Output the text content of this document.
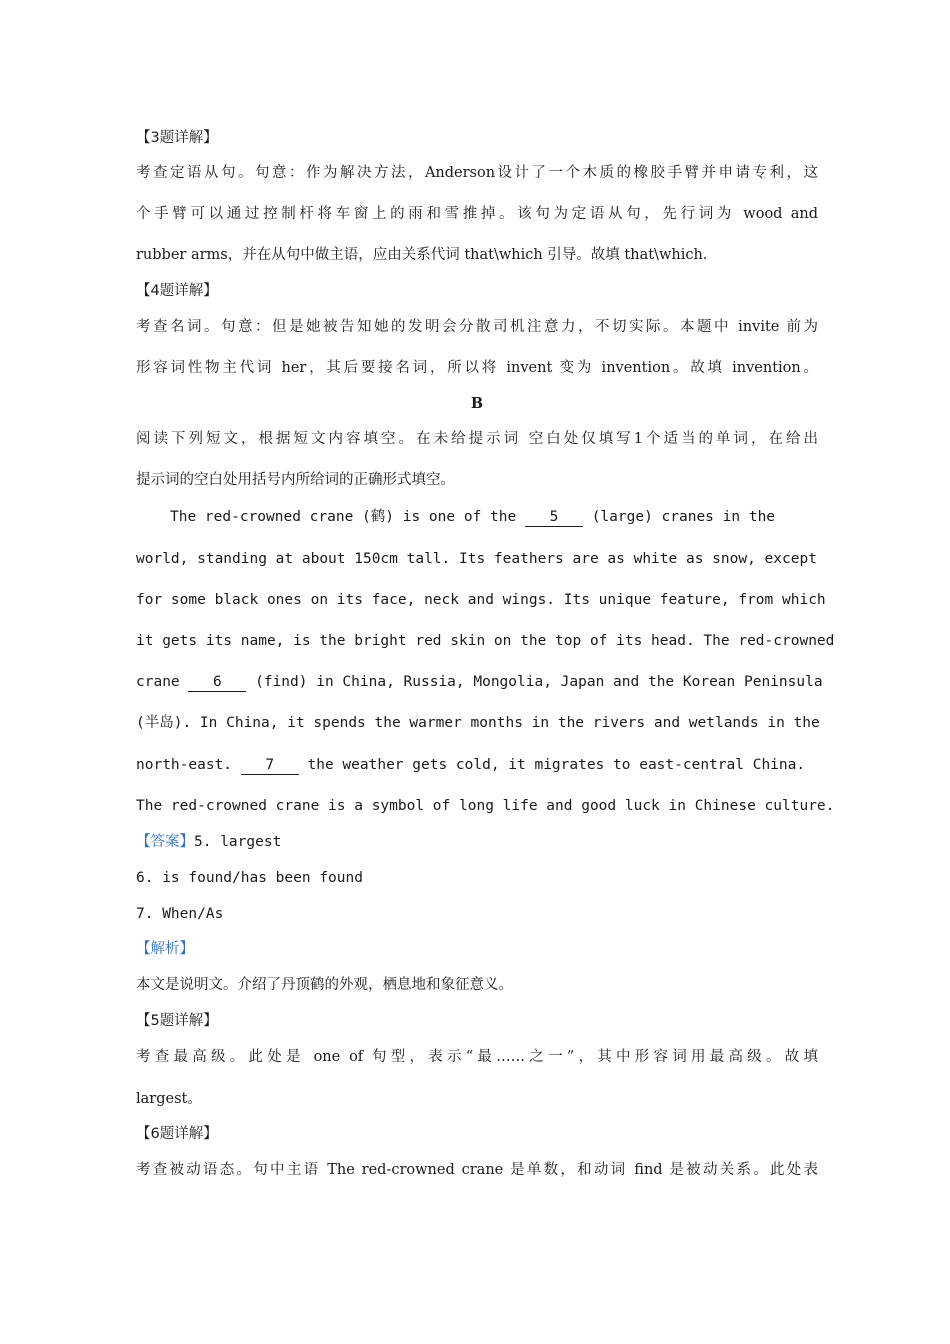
【3题详解】
考查定语从句。句意：作为解决方法，Anderson设计了一个木质的橡胶手臂并申请专利，这
个手臂可以通过控制杆将车窗上的雨和雪推掉。该句为定语从句，先行词为 wood and
rubber arms，并在从句中做主语，应由关系代词 that\which 引导。故填 that\which.
【4题详解】
考查名词。句意：但是她被告知她的发明会分散司机注意力，不切实际。本题中 invite 前为
形容词性物主代词 her，其后要接名词，所以将 invent 变为 invention。故填 invention。
B
阅读下列短文，根据短文内容填空。在未给提示词 空白处仅填写1个适当的单词，在给出
提示词的空白处用括号内所给词的正确形式填空。
The red-crowned crane (鹤) is one of the 5 (large) cranes in the
world, standing at about 150cm tall. Its feathers are as white as snow, except
for some black ones on its face, neck and wings. Its unique feature, from which
it gets its name, is the bright red skin on the top of its head. The red-crowned
crane 6 (find) in China, Russia, Mongolia, Japan and the Korean Peninsula
(半岛). In China, it spends the warmer months in the rivers and wetlands in the
north-east. 7 the weather gets cold, it migrates to east-central China.
The red-crowned crane is a symbol of long life and good luck in Chinese culture.
【答案】5. largest
6. is found/has been found
7. When/As
【解析】
本文是说明文。介绍了丹顶鹤的外观，栖息地和象征意义。
【5题详解】
考查最高级。此处是 one of 句型，表示“最……之一”，其中形容词用最高级。故填
largest。
【6题详解】
考查被动语态。句中主语 The red-crowned crane 是单数，和动词 find 是被动关系。此处表
